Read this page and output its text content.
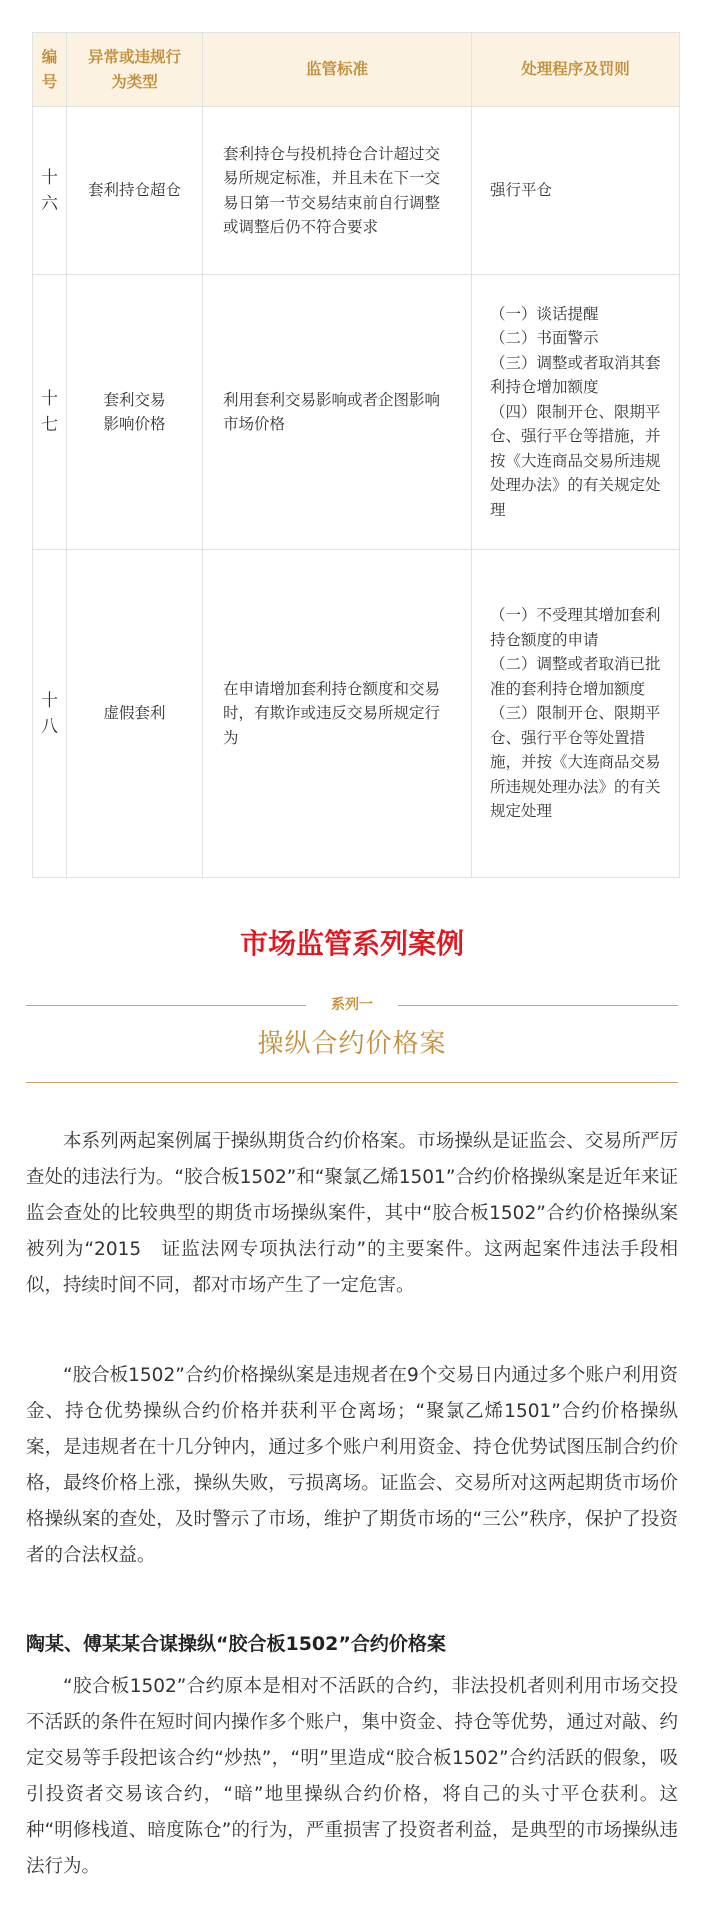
编号	异常或违规行为类型	监管标准	处理程序及罚则
十六	套利持仓超仓	套利持仓与投机持仓合计超过交易所规定标准，并且未在下一交易日第一节交易结束前自行调整或调整后仍不符合要求	强行平仓

十七	套利交易影响价格	利用套利交易影响或者企图影响市场价格	（一）谈话提醒
（二）书面警示
（三）调整或者取消其套利持仓增加额度
（四）限制开仓、限期平仓、强行平仓等措施，并按《大连商品交易所违规处理办法》的有关规定处理

十八	虚假套利	在申请增加套利持仓额度和交易时，有欺诈或违反交易所规定行为	（一）不受理其增加套利持仓额度的申请
（二）调整或者取消已批准的套利持仓增加额度
（三）限制开仓、限期平仓、强行平仓等处置措施，并按《大连商品交易所违规处理办法》的有关规定处理
市场监管系列案例
系列一
操纵合约价格案

本系列两起案例属于操纵期货合约价格案。市场操纵是证监会、交易所严厉查处的违法行为。“胶合板1502”和“聚氯乙烯1501”合约价格操纵案是近年来证监会查处的比较典型的期货市场操纵案件，其中“胶合板1502”合约价格操纵案被列为“2015　证监法网专项执法行动”的主要案件。这两起案件违法手段相似，持续时间不同，都对市场产生了一定危害。

“胶合板1502”合约价格操纵案是违规者在9个交易日内通过多个账户利用资金、持仓优势操纵合约价格并获利平仓离场；“聚氯乙烯1501”合约价格操纵案，是违规者在十几分钟内，通过多个账户利用资金、持仓优势试图压制合约价格，最终价格上涨，操纵失败，亏损离场。证监会、交易所对这两起期货市场价格操纵案的查处，及时警示了市场，维护了期货市场的“三公”秩序，保护了投资者的合法权益。

陶某、傅某某合谋操纵“胶合板1502”合约价格案

“胶合板1502”合约原本是相对不活跃的合约，非法投机者则利用市场交投不活跃的条件在短时间内操作多个账户，集中资金、持仓等优势，通过对敲、约定交易等手段把该合约“炒热”，“明”里造成“胶合板1502”合约活跃的假象，吸引投资者交易该合约，“暗”地里操纵合约价格，将自己的头寸平仓获利。这种“明修栈道、暗度陈仓”的行为，严重损害了投资者利益，是典型的市场操纵违法行为。
